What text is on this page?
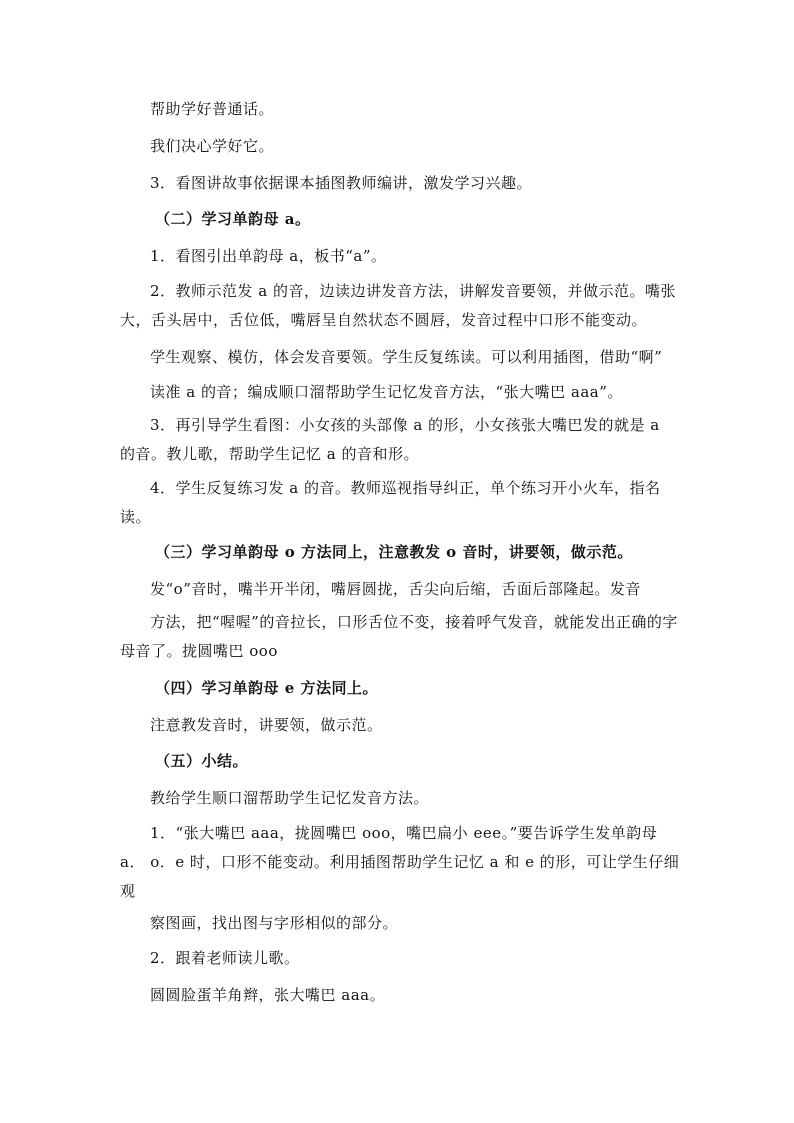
帮助学好普通话。
我们决心学好它。
3．看图讲故事依据课本插图教师编讲，激发学习兴趣。
（二）学习单韵母 a。
1．看图引出单韵母 a，板书“a”。
2．教师示范发 a 的音，边读边讲发音方法，讲解发音要领，并做示范。嘴张大，舌头居中，舌位低，嘴唇呈自然状态不圆唇，发音过程中口形不能变动。
学生观察、模仿，体会发音要领。学生反复练读。可以利用插图，借助“啊”
读准 a 的音；编成顺口溜帮助学生记忆发音方法，“张大嘴巴 aaa”。
3．再引导学生看图：小女孩的头部像 a 的形，小女孩张大嘴巴发的就是 a 的音。教儿歌，帮助学生记忆 a 的音和形。
4．学生反复练习发 a 的音。教师巡视指导纠正，单个练习开小火车，指名读。
（三）学习单韵母 o 方法同上，注意教发 o 音时，讲要领，做示范。
发“o”音时，嘴半开半闭，嘴唇圆拢，舌尖向后缩，舌面后部隆起。发音
方法，把“喔喔”的音拉长，口形舌位不变，接着呼气发音，就能发出正确的字母音了。拢圆嘴巴 ooo
（四）学习单韵母 e 方法同上。
注意教发音时，讲要领，做示范。
（五）小结。
教给学生顺口溜帮助学生记忆发音方法。
1．“张大嘴巴 aaa，拢圆嘴巴 ooo，嘴巴扁小 eee。”要告诉学生发单韵母 a． o．e 时，口形不能变动。利用插图帮助学生记忆 a 和 e 的形，可让学生仔细观
察图画，找出图与字形相似的部分。
2．跟着老师读儿歌。
圆圆脸蛋羊角辫，张大嘴巴 aaa。
